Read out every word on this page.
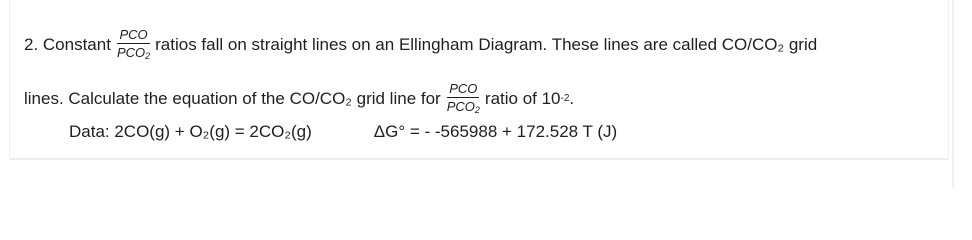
2. Constant $\frac{\text{PCO}}{PCO_2}$ ratios fall on straight lines on an Ellingham Diagram. These lines are called CO/CO₂ grid
lines. Calculate the equation of the CO/CO₂ grid line for $\frac{\text{PCO}}{PCO_2}$ ratio of 10 -2 .
Data: 2CO(g) + O₂(g) = 2CO₂(g)	ΔG° = - -565988 + 172.528 T (J)
